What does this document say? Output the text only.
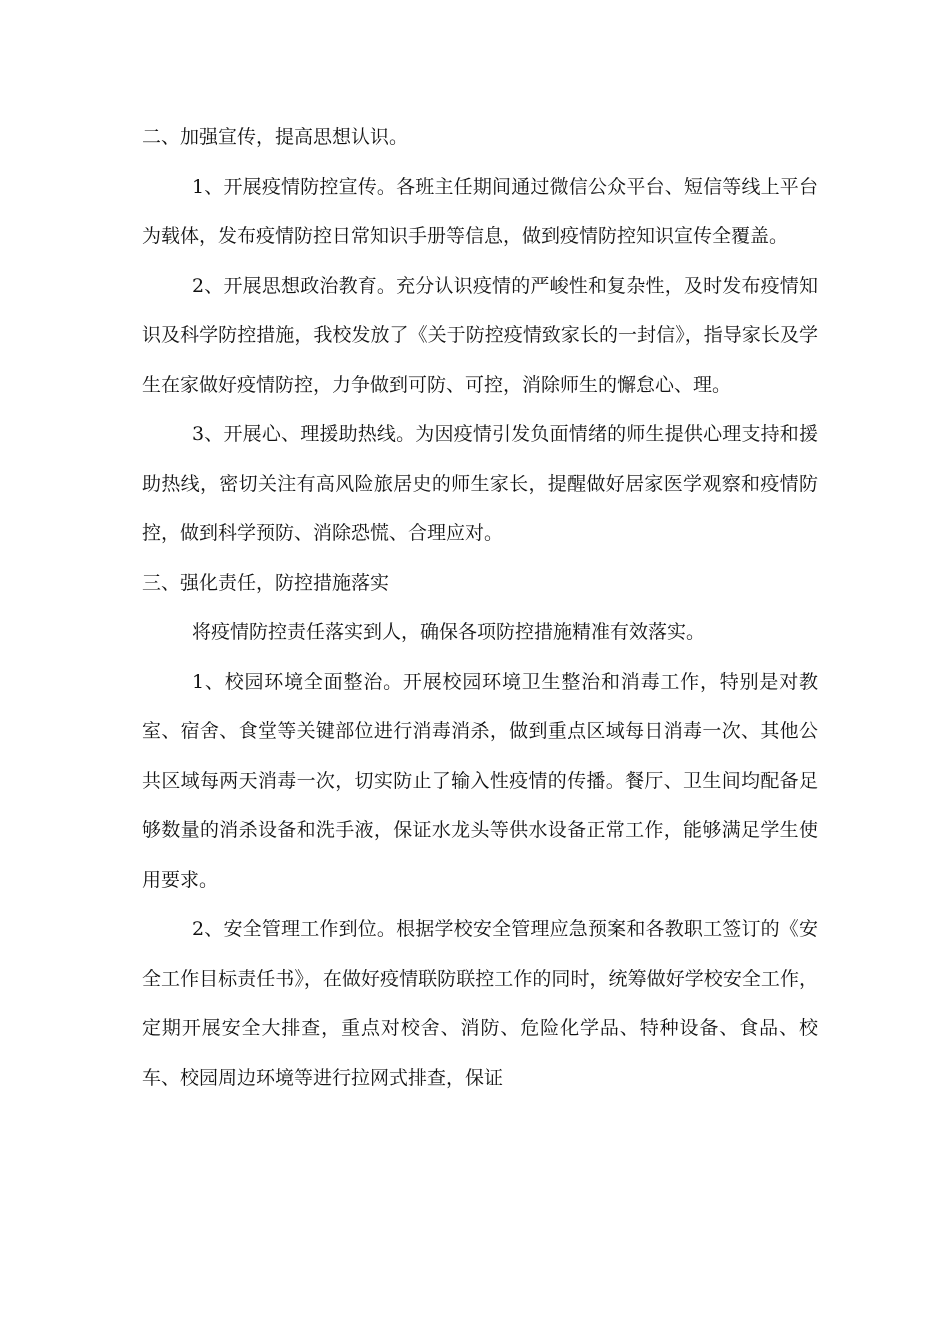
二、加强宣传，提高思想认识。

1、开展疫情防控宣传。各班主任期间通过微信公众平台、短信等线上平台为载体，发布疫情防控日常知识手册等信息，做到疫情防控知识宣传全覆盖。

2、开展思想政治教育。充分认识疫情的严峻性和复杂性，及时发布疫情知识及科学防控措施，我校发放了《关于防控疫情致家长的一封信》，指导家长及学生在家做好疫情防控，力争做到可防、可控，消除师生的懈怠心、理。

3、开展心、理援助热线。为因疫情引发负面情绪的师生提供心理支持和援助热线，密切关注有高风险旅居史的师生家长，提醒做好居家医学观察和疫情防控，做到科学预防、消除恐慌、合理应对。

三、强化责任，防控措施落实

将疫情防控责任落实到人，确保各项防控措施精准有效落实。

1、校园环境全面整治。开展校园环境卫生整治和消毒工作，特别是对教室、宿舍、食堂等关键部位进行消毒消杀，做到重点区域每日消毒一次、其他公共区域每两天消毒一次，切实防止了输入性疫情的传播。餐厅、卫生间均配备足够数量的消杀设备和洗手液，保证水龙头等供水设备正常工作，能够满足学生使用要求。

2、安全管理工作到位。根据学校安全管理应急预案和各教职工签订的《安全工作目标责任书》，在做好疫情联防联控工作的同时，统筹做好学校安全工作，定期开展安全大排查，重点对校舍、消防、危险化学品、特种设备、食品、校车、校园周边环境等进行拉网式排查，保证
